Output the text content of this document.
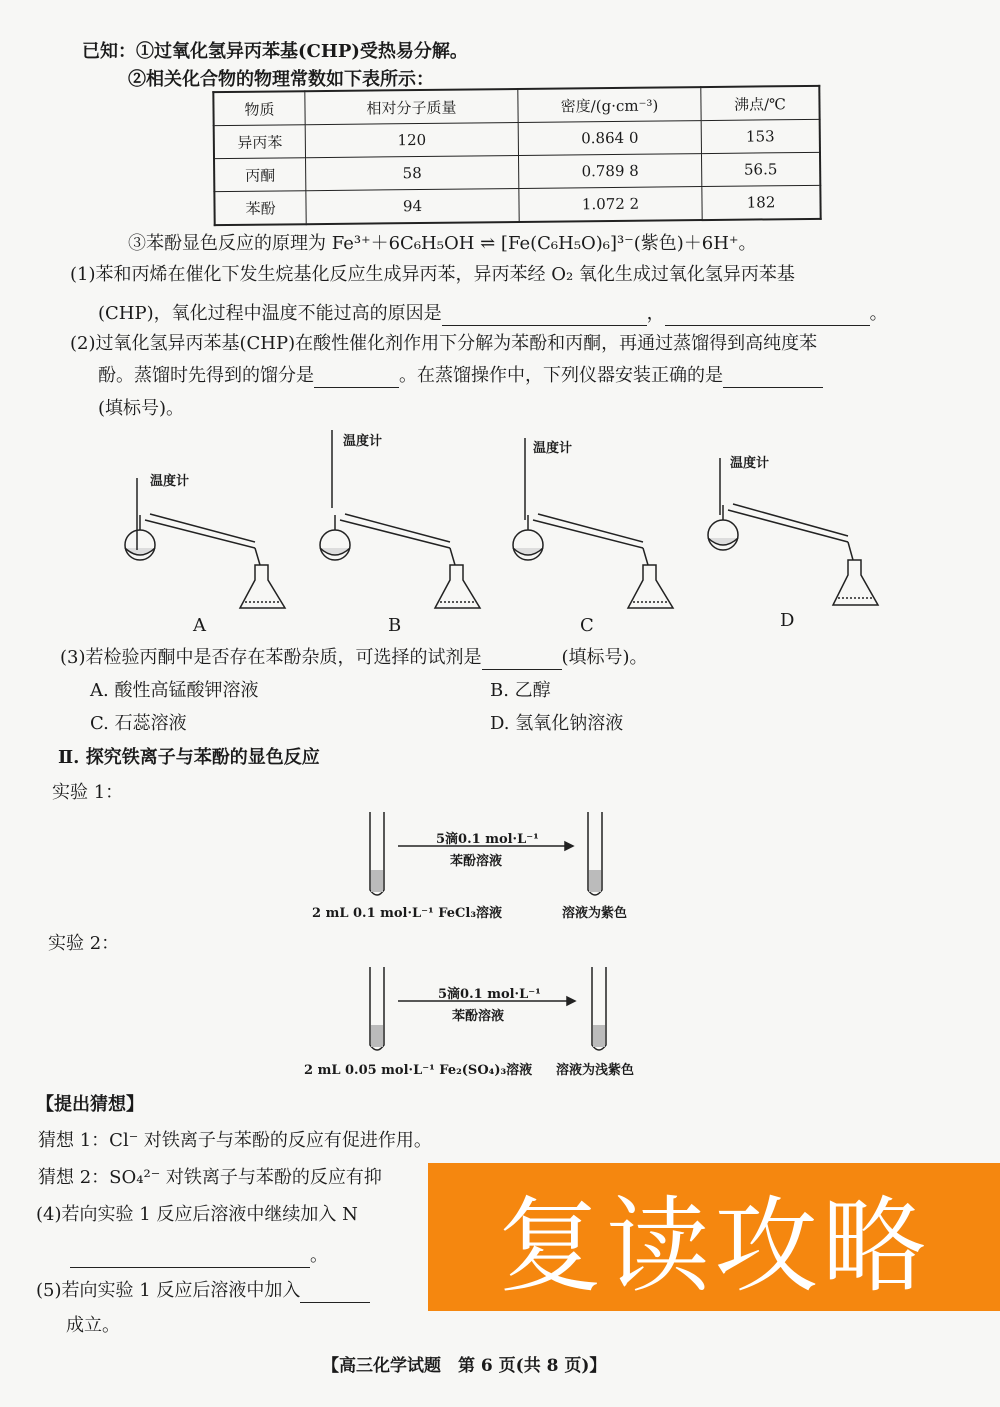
已知：①过氧化氢异丙苯基(CHP)受热易分解。
②相关化合物的物理常数如下表所示：
物质	相对分子质量	密度/(g·cm⁻³)	沸点/℃
异丙苯	120	0.864 0	153
丙酮	58	0.789 8	56.5
苯酚	94	1.072 2	182
③苯酚显色反应的原理为 Fe³⁺＋6C₆H₅OH ⇌ [Fe(C₆H₅O)₆]³⁻(紫色)＋6H⁺。
(1)苯和丙烯在催化下发生烷基化反应生成异丙苯，异丙苯经 O₂ 氧化生成过氧化氢异丙苯基
(CHP)，氧化过程中温度不能过高的原因是	，	。
(2)过氧化氢异丙苯基(CHP)在酸性催化剂作用下分解为苯酚和丙酮，再通过蒸馏得到高纯度苯
酚。蒸馏时先得到的馏分是	。在蒸馏操作中，下列仪器安装正确的是
(填标号)。
温度计
A
温度计
B
温度计
C
温度计
D
(3)若检验丙酮中是否存在苯酚杂质，可选择的试剂是	(填标号)。
A. 酸性高锰酸钾溶液	B. 乙醇
C. 石蕊溶液	D. 氢氧化钠溶液
Ⅱ. 探究铁离子与苯酚的显色反应
实验 1：
5滴0.1 mol·L⁻¹
苯酚溶液
2 mL 0.1 mol·L⁻¹ FeCl₃溶液	溶液为紫色
实验 2：
5滴0.1 mol·L⁻¹
苯酚溶液
2 mL 0.05 mol·L⁻¹ Fe₂(SO₄)₃溶液 溶液为浅紫色
【提出猜想】
猜想 1：Cl⁻ 对铁离子与苯酚的反应有促进作用。
猜想 2：SO₄²⁻ 对铁离子与苯酚的反应有抑
(4)若向实验 1 反应后溶液中继续加入 N
。
(5)若向实验 1 反应后溶液中加入
成立。
复读攻略
【高三化学试题　第 6 页(共 8 页)】
